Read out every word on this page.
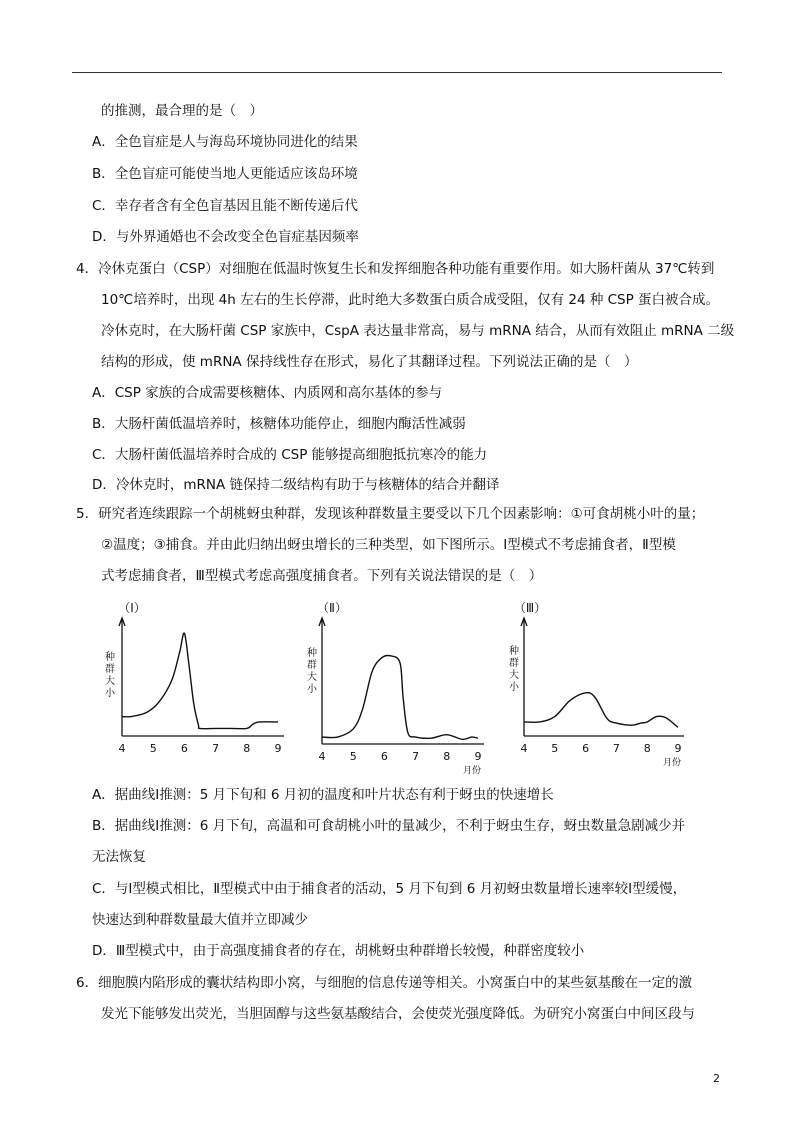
的推测，最合理的是（　）
A．全色盲症是人与海岛环境协同进化的结果
B．全色盲症可能使当地人更能适应该岛环境
C．幸存者含有全色盲基因且能不断传递后代
D．与外界通婚也不会改变全色盲症基因频率
4．冷休克蛋白（CSP）对细胞在低温时恢复生长和发挥细胞各种功能有重要作用。如大肠杆菌从 37℃转到
10℃培养时，出现 4h 左右的生长停滞，此时绝大多数蛋白质合成受阻，仅有 24 种 CSP 蛋白被合成。
冷休克时，在大肠杆菌 CSP 家族中，CspA 表达量非常高，易与 mRNA 结合，从而有效阻止 mRNA 二级
结构的形成，使 mRNA 保持线性存在形式，易化了其翻译过程。下列说法正确的是（　）
A．CSP 家族的合成需要核糖体、内质网和高尔基体的参与
B．大肠杆菌低温培养时，核糖体功能停止，细胞内酶活性减弱
C．大肠杆菌低温培养时合成的 CSP 能够提高细胞抵抗寒冷的能力
D．冷休克时，mRNA 链保持二级结构有助于与核糖体的结合并翻译
5．研究者连续跟踪一个胡桃蚜虫种群，发现该种群数量主要受以下几个因素影响：①可食胡桃小叶的量；
②温度；③捕食。并由此归纳出蚜虫增长的三种类型，如下图所示。Ⅰ型模式不考虑捕食者，Ⅱ型模
式考虑捕食者，Ⅲ型模式考虑高强度捕食者。下列有关说法错误的是（　）
（Ⅰ）
种
群
大
小
4 5 6 7 8 9
（Ⅱ）
种
群
大
小
4 5 6 7 8 9
月份
（Ⅲ）
种
群
大
小
4 5 6 7 8 9
月份
A．据曲线Ⅰ推测：5 月下旬和 6 月初的温度和叶片状态有利于蚜虫的快速增长
B．据曲线Ⅰ推测：6 月下旬，高温和可食胡桃小叶的量减少，不利于蚜虫生存，蚜虫数量急剧减少并
无法恢复
C．与Ⅰ型模式相比，Ⅱ型模式中由于捕食者的活动，5 月下旬到 6 月初蚜虫数量增长速率较Ⅰ型缓慢，
快速达到种群数量最大值并立即减少
D．Ⅲ型模式中，由于高强度捕食者的存在，胡桃蚜虫种群增长较慢，种群密度较小
6．细胞膜内陷形成的囊状结构即小窝，与细胞的信息传递等相关。小窝蛋白中的某些氨基酸在一定的激
发光下能够发出荧光，当胆固醇与这些氨基酸结合，会使荧光强度降低。为研究小窝蛋白中间区段与
2
